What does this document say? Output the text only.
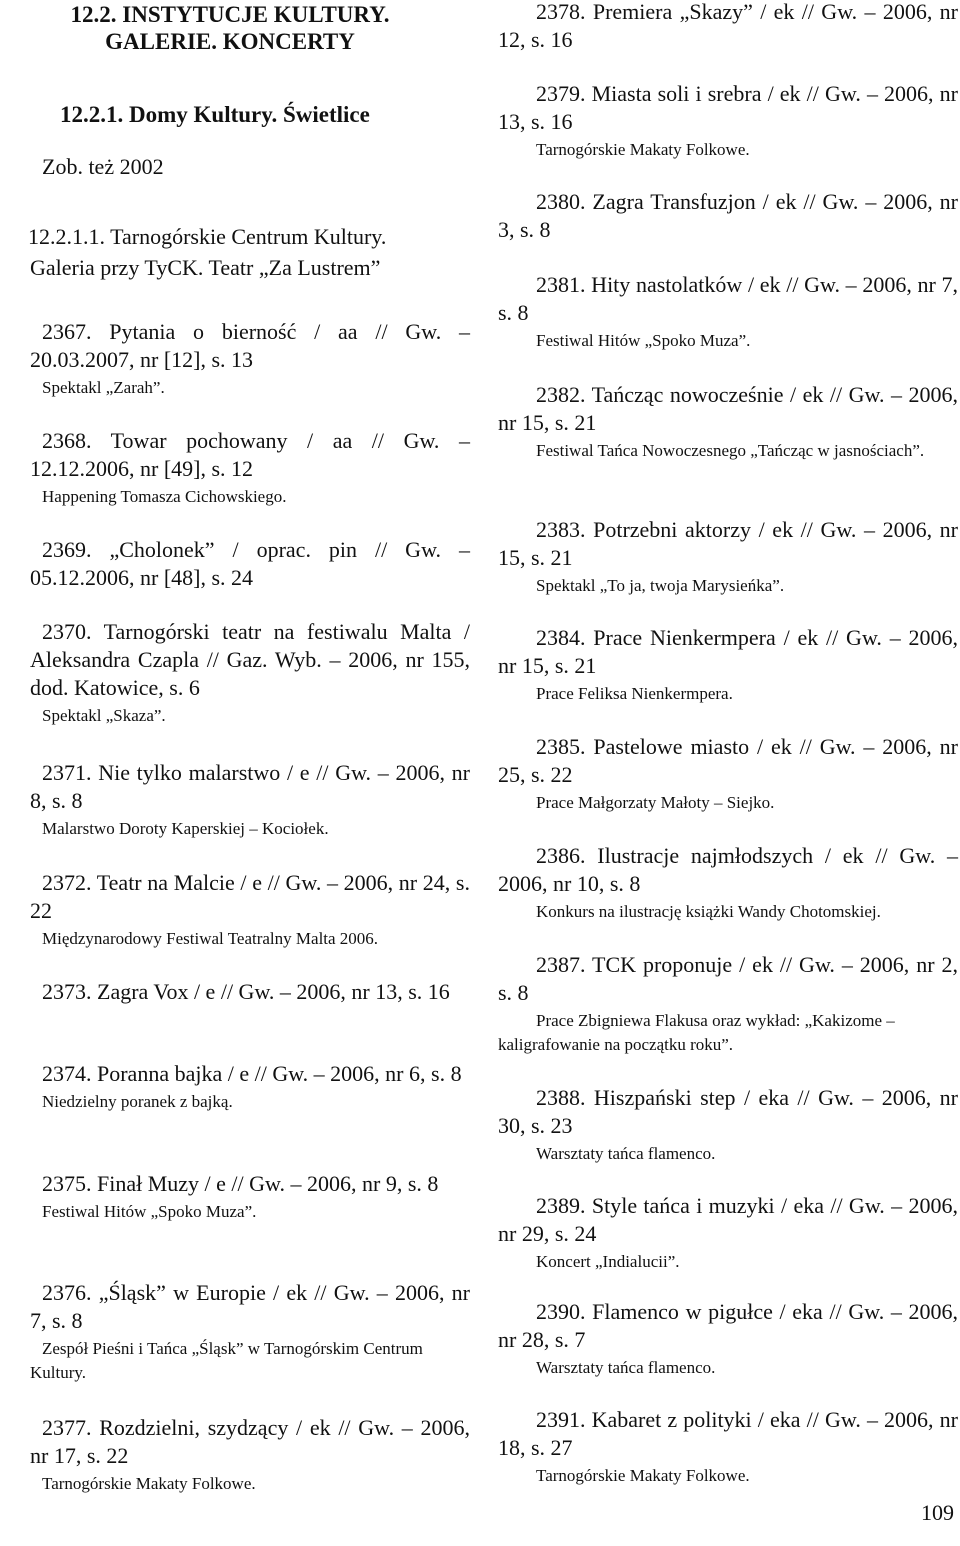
12.2. INSTYTUCJE KULTURY.
GALERIE. KONCERTY
12.2.1. Domy Kultury. Świetlice
Zob. też 2002
12.2.1.1. Tarnogórskie Centrum Kultury.
Galeria przy TyCK. Teatr „Za Lustrem”
2367. Pytania o bierność / aa // Gw. – 20.03.2007, nr [12], s. 13
Spektakl „Zarah”.
2368. Towar pochowany / aa // Gw. – 12.12.2006, nr [49], s. 12
Happening Tomasza Cichowskiego.
2369. „Cholonek” / oprac. pin // Gw. – 05.12.2006, nr [48], s. 24
2370. Tarnogórski teatr na festiwalu Malta / Aleksandra Czapla // Gaz. Wyb. – 2006, nr 155, dod. Katowice, s. 6
Spektakl „Skaza”.
2371. Nie tylko malarstwo / e // Gw. – 2006, nr 8, s. 8
Malarstwo Doroty Kaperskiej – Kociołek.
2372. Teatr na Malcie / e // Gw. – 2006, nr 24, s. 22
Międzynarodowy Festiwal Teatralny Malta 2006.
2373. Zagra Vox / e // Gw. – 2006, nr 13, s. 16
2374. Poranna bajka / e // Gw. – 2006, nr 6, s. 8
Niedzielny poranek z bajką.
2375. Finał Muzy / e // Gw. – 2006, nr 9, s. 8
Festiwal Hitów „Spoko Muza”.
2376. „Śląsk” w Europie / ek // Gw. – 2006, nr 7, s. 8
Zespół Pieśni i Tańca „Śląsk” w Tarnogórskim Centrum Kultury.
2377. Rozdzielni, szydzący / ek // Gw. – 2006, nr 17, s. 22
Tarnogórskie Makaty Folkowe.
2378. Premiera „Skazy” / ek // Gw. – 2006, nr 12, s. 16
2379. Miasta soli i srebra / ek // Gw. – 2006, nr 13, s. 16
Tarnogórskie Makaty Folkowe.
2380. Zagra Transfuzjon / ek // Gw. – 2006, nr 3, s. 8
2381. Hity nastolatków / ek // Gw. – 2006, nr 7, s. 8
Festiwal Hitów „Spoko Muza”.
2382. Tańcząc nowocześnie / ek // Gw. – 2006, nr 15, s. 21
Festiwal Tańca Nowoczesnego „Tańcząc w jasnościach”.
2383. Potrzebni aktorzy / ek // Gw. – 2006, nr 15, s. 21
Spektakl „To ja, twoja Marysieńka”.
2384. Prace Nienkermpera / ek // Gw. – 2006, nr 15, s. 21
Prace Feliksa Nienkermpera.
2385. Pastelowe miasto / ek // Gw. – 2006, nr 25, s. 22
Prace Małgorzaty Małoty – Siejko.
2386. Ilustracje najmłodszych / ek // Gw. – 2006, nr 10, s. 8
Konkurs na ilustrację książki Wandy Chotomskiej.
2387. TCK proponuje / ek // Gw. – 2006, nr 2, s. 8
Prace Zbigniewa Flakusa oraz wykład: „Kakizome – kaligrafowanie na początku roku”.
2388. Hiszpański step / eka // Gw. – 2006, nr 30, s. 23
Warsztaty tańca flamenco.
2389. Style tańca i muzyki / eka // Gw. – 2006, nr 29, s. 24
Koncert „Indialucii”.
2390. Flamenco w pigułce / eka // Gw. – 2006, nr 28, s. 7
Warsztaty tańca flamenco.
2391. Kabaret z polityki / eka // Gw. – 2006, nr 18, s. 27
Tarnogórskie Makaty Folkowe.
109
